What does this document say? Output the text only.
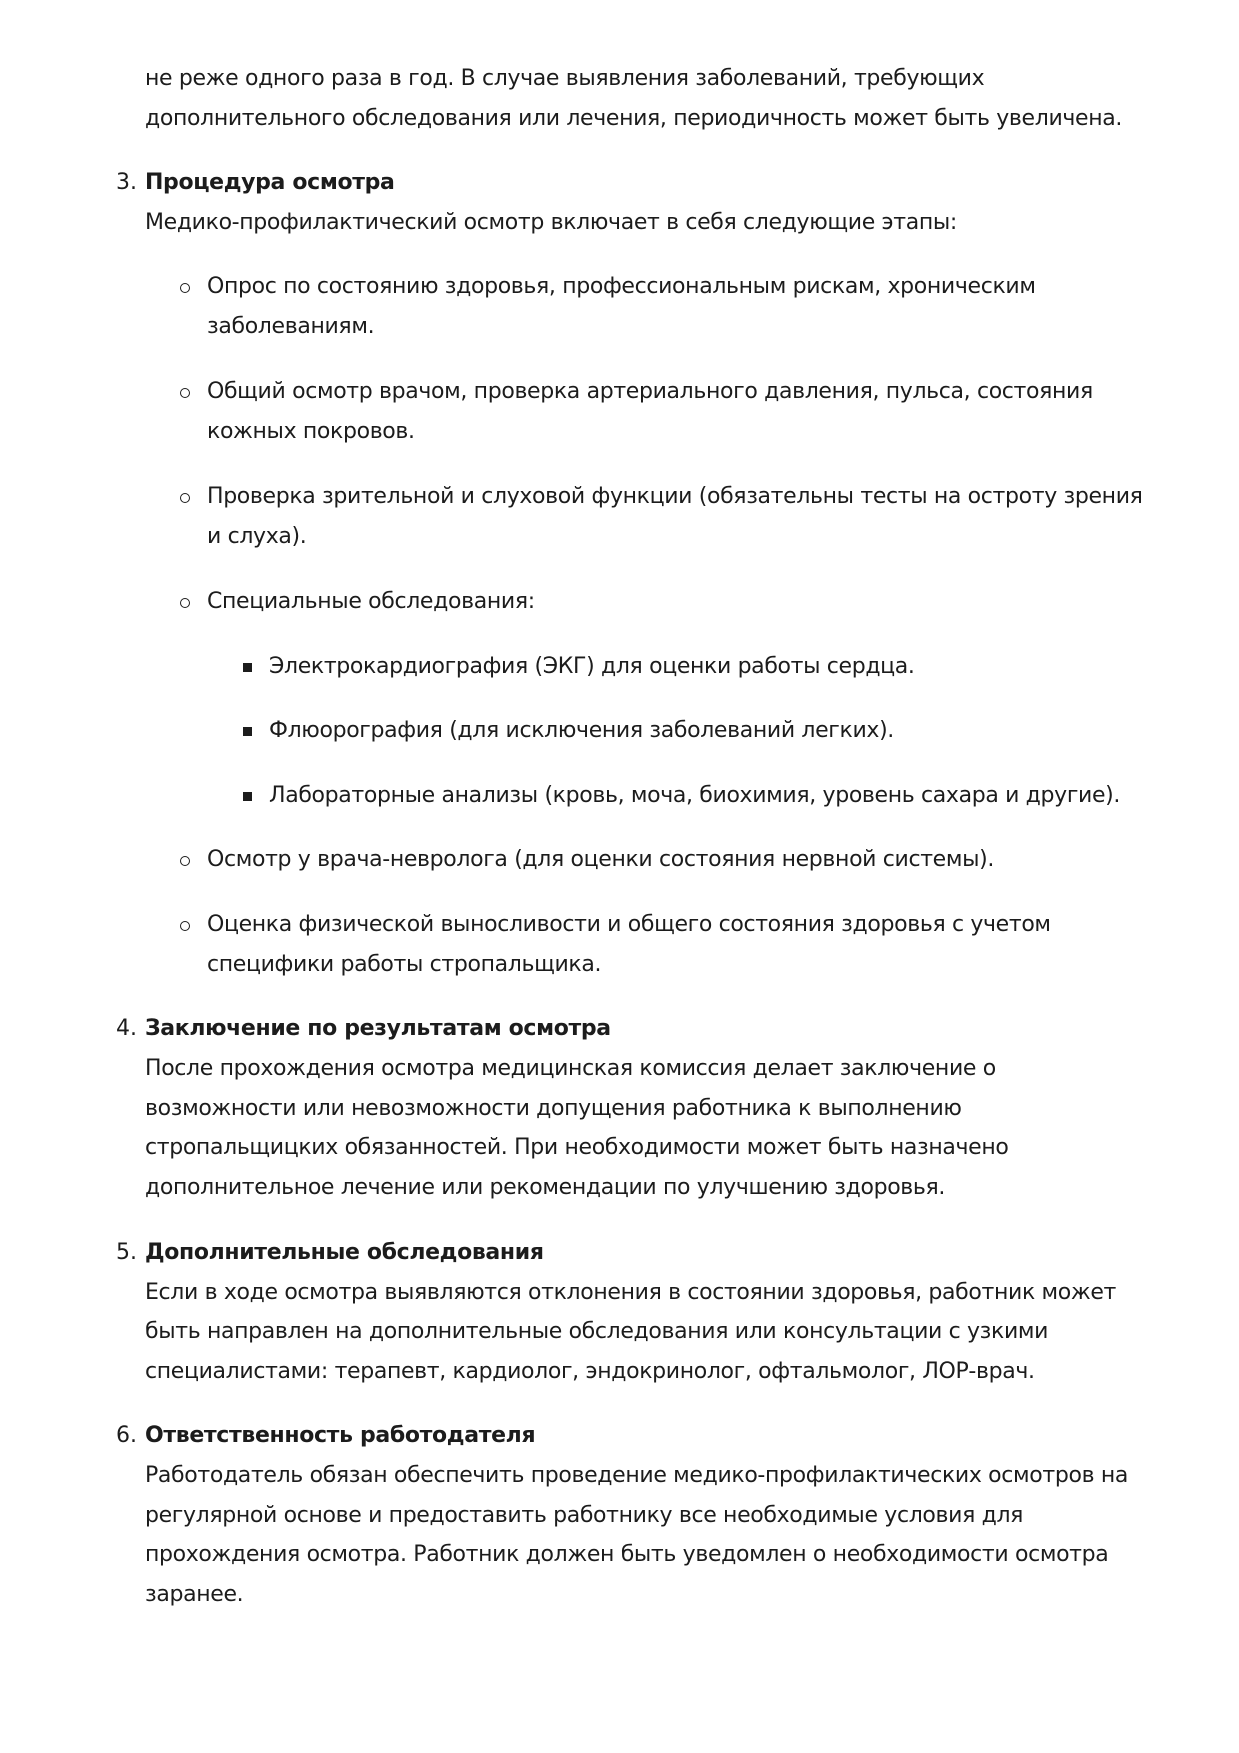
не реже одного раза в год. В случае выявления заболеваний, требующих
дополнительного обследования или лечения, периодичность может быть увеличена.
3. Процедура осмотра
Медико-профилактический осмотр включает в себя следующие этапы:
Опрос по состоянию здоровья, профессиональным рискам, хроническим
заболеваниям.
Общий осмотр врачом, проверка артериального давления, пульса, состояния
кожных покровов.
Проверка зрительной и слуховой функции (обязательны тесты на остроту зрения
и слуха).
Специальные обследования:
Электрокардиография (ЭКГ) для оценки работы сердца.
Флюорография (для исключения заболеваний легких).
Лабораторные анализы (кровь, моча, биохимия, уровень сахара и другие).
Осмотр у врача-невролога (для оценки состояния нервной системы).
Оценка физической выносливости и общего состояния здоровья с учетом
специфики работы стропальщика.
4. Заключение по результатам осмотра
После прохождения осмотра медицинская комиссия делает заключение о
возможности или невозможности допущения работника к выполнению
стропальщицких обязанностей. При необходимости может быть назначено
дополнительное лечение или рекомендации по улучшению здоровья.
5. Дополнительные обследования
Если в ходе осмотра выявляются отклонения в состоянии здоровья, работник может
быть направлен на дополнительные обследования или консультации с узкими
специалистами: терапевт, кардиолог, эндокринолог, офтальмолог, ЛОР-врач.
6. Ответственность работодателя
Работодатель обязан обеспечить проведение медико-профилактических осмотров на
регулярной основе и предоставить работнику все необходимые условия для
прохождения осмотра. Работник должен быть уведомлен о необходимости осмотра
заранее.
